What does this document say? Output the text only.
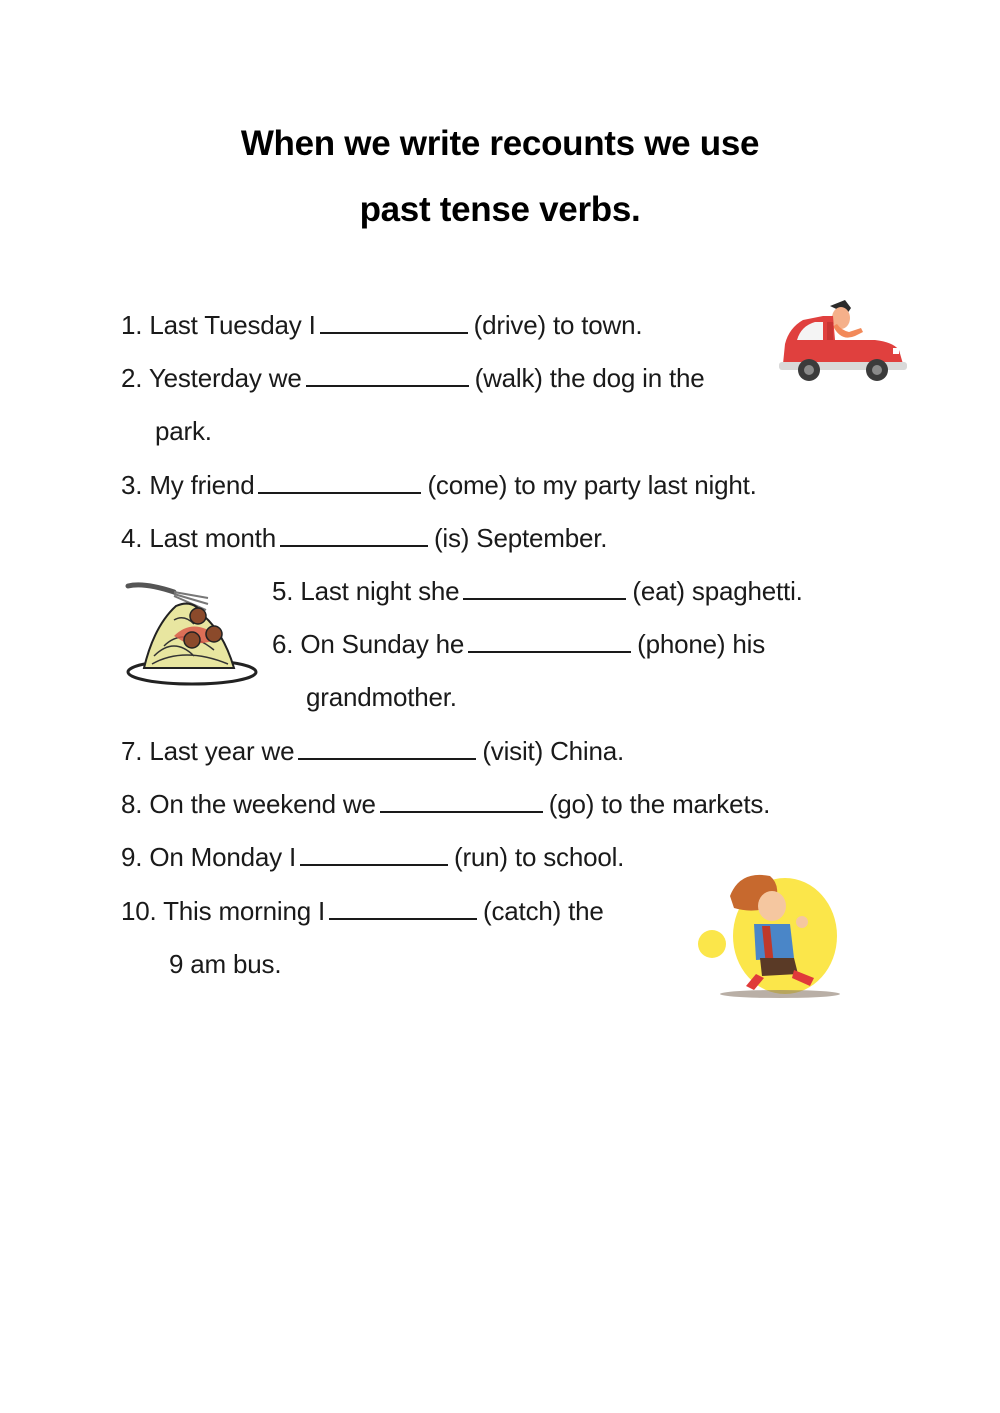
When we write recounts we use
past tense verbs.
1. Last Tuesday I	(drive) to town.
2. Yesterday we	(walk) the dog in the
park.
3. My friend	(come) to my party last night.
4. Last month	(is) September.
5. Last night she	(eat) spaghetti.
6. On Sunday he	(phone) his
grandmother.
7. Last year we	(visit) China.
8. On the weekend we	(go) to the markets.
9. On Monday I	(run) to school.
10. This morning I	(catch) the
9 am bus.
